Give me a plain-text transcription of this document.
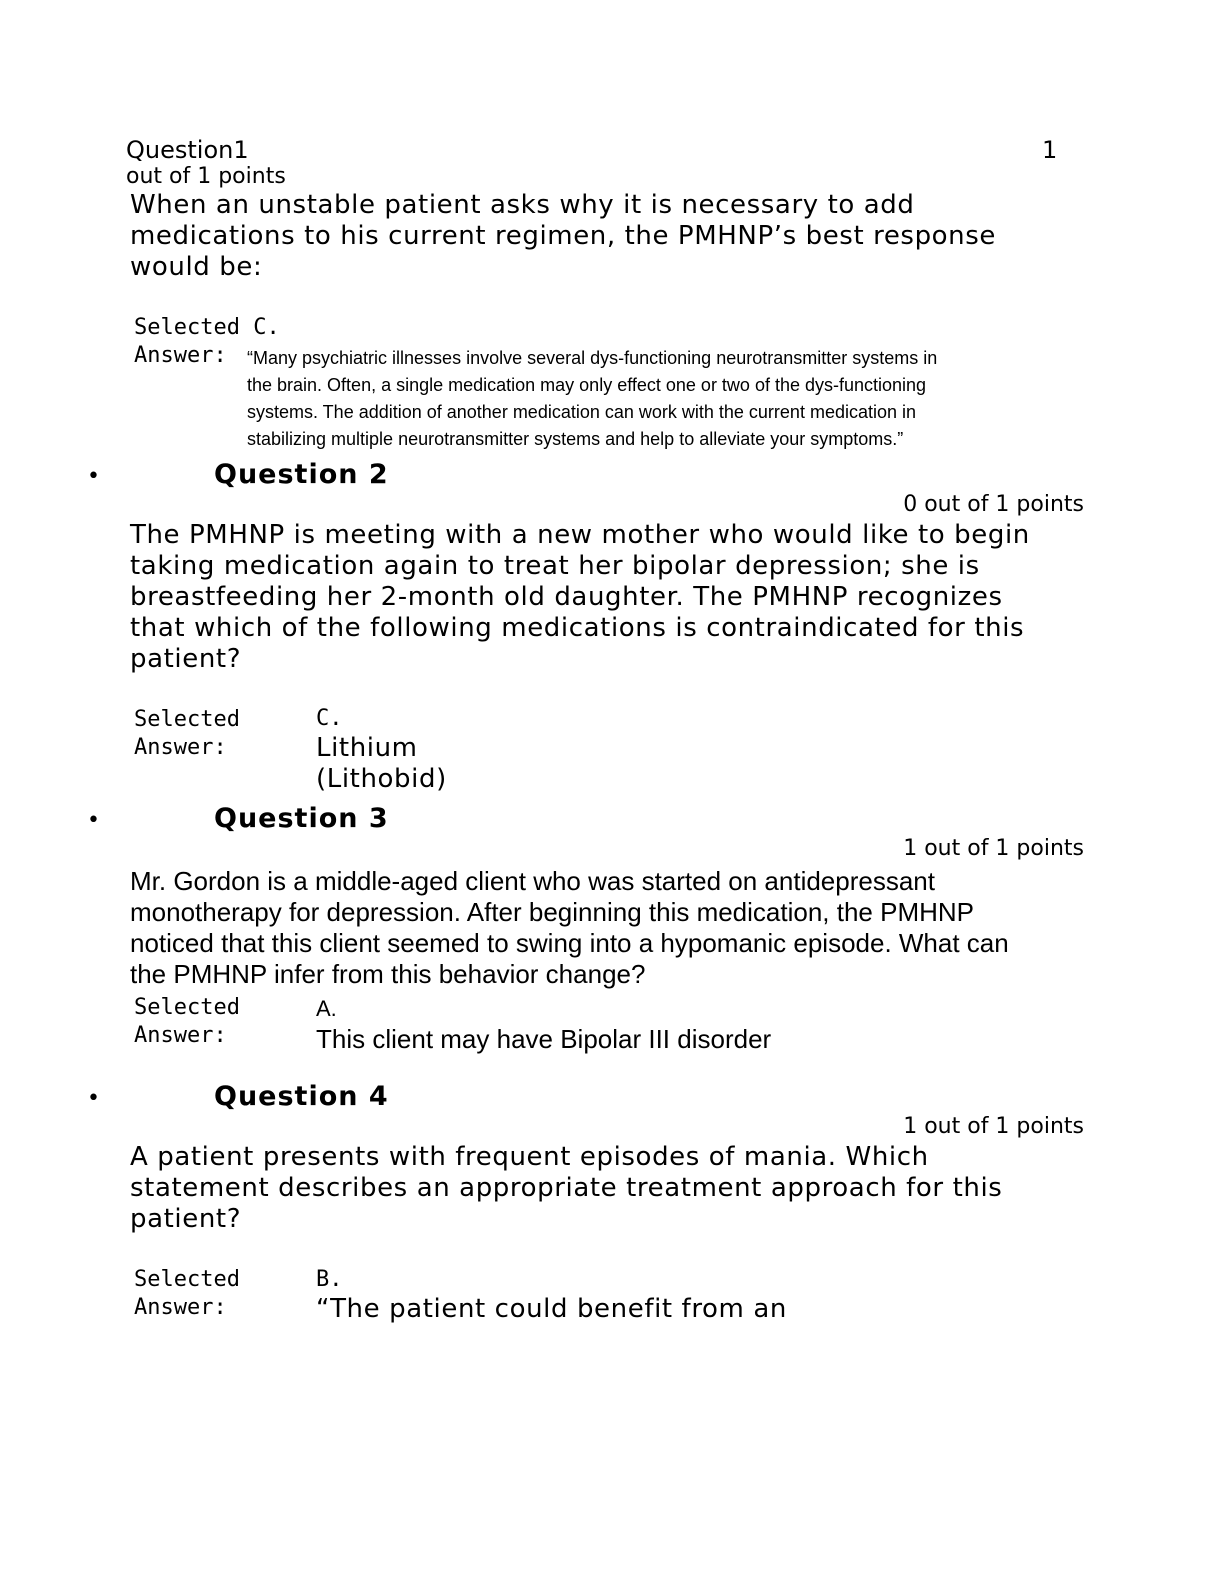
Question1	1
out of 1 points
When an unstable patient asks why it is necessary to add
medications to his current regimen, the PMHNP’s best response
would be:
Selected C.
Answer:	“Many psychiatric illnesses involve several dys-functioning neurotransmitter systems in
the brain. Often, a single medication may only effect one or two of the dys-functioning
systems. The addition of another medication can work with the current medication in
stabilizing multiple neurotransmitter systems and help to alleviate your symptoms.”
•	Question 2
0 out of 1 points
The PMHNP is meeting with a new mother who would like to begin
taking medication again to treat her bipolar depression; she is
breastfeeding her 2-month old daughter. The PMHNP recognizes
that which of the following medications is contraindicated for this
patient?
Selected
Answer:
C.
Lithium
(Lithobid)
•	Question 3
1 out of 1 points
Mr. Gordon is a middle-aged client who was started on antidepressant
monotherapy for depression. After beginning this medication, the PMHNP
noticed that this client seemed to swing into a hypomanic episode. What can
the PMHNP infer from this behavior change?
Selected
Answer:
A.
This client may have Bipolar III disorder
•	Question 4
1 out of 1 points
A patient presents with frequent episodes of mania. Which
statement describes an appropriate treatment approach for this
patient?
Selected
Answer:
B.
“The patient could benefit from an
